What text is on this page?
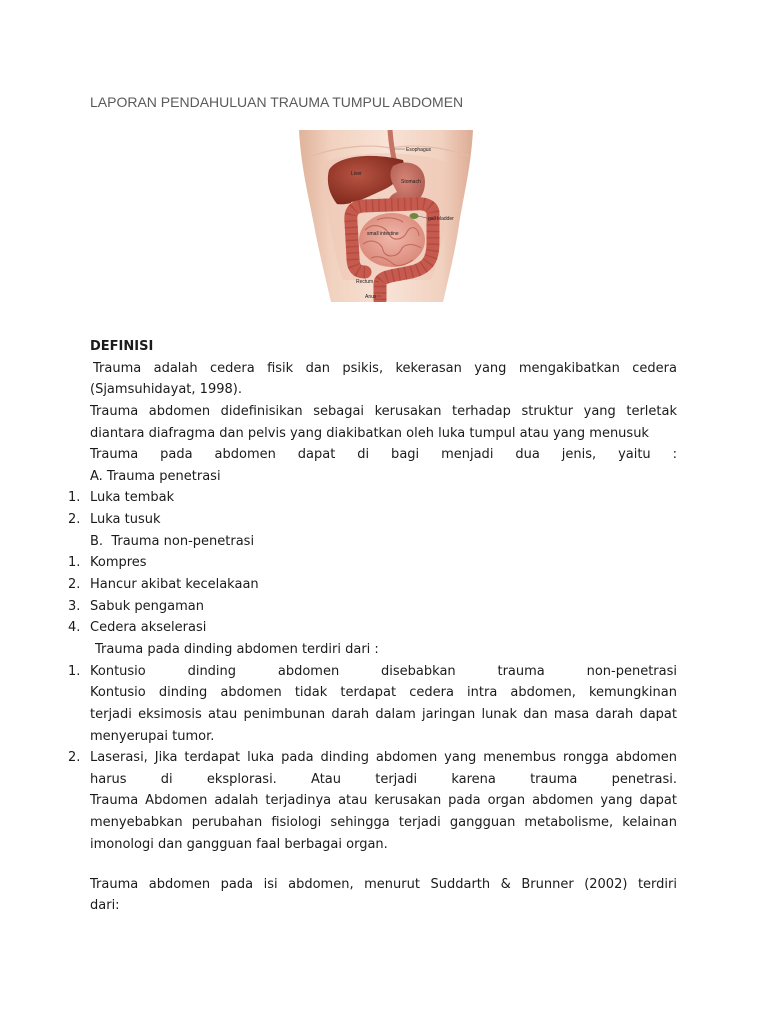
LAPORAN PENDAHULUAN TRAUMA TUMPUL ABDOMEN
Esophagus
Liver
Stomach
gall bladder
small intestine
Rectum
Anus
DEFINISI
Trauma adalah cedera fisik dan psikis, kekerasan yang mengakibatkan cedera
(Sjamsuhidayat, 1998).
Trauma abdomen didefinisikan sebagai kerusakan terhadap struktur yang terletak
diantara diafragma dan pelvis yang diakibatkan oleh luka tumpul atau yang menusuk
Trauma pada abdomen dapat di bagi menjadi dua jenis, yaitu :
A. Trauma penetrasi
1. Luka tembak
2. Luka tusuk
B.  Trauma non-penetrasi
1. Kompres
2. Hancur akibat kecelakaan
3. Sabuk pengaman
4. Cedera akselerasi
Trauma pada dinding abdomen terdiri dari :
1. Kontusio dinding abdomen disebabkan trauma non-penetrasi
Kontusio dinding abdomen tidak terdapat cedera intra abdomen, kemungkinan
terjadi eksimosis atau penimbunan darah dalam jaringan lunak dan masa darah dapat
menyerupai tumor.
2. Laserasi, Jika terdapat luka pada dinding abdomen yang menembus rongga abdomen
harus di eksplorasi. Atau terjadi karena trauma penetrasi.
Trauma Abdomen adalah terjadinya atau kerusakan pada organ abdomen yang dapat
menyebabkan perubahan fisiologi sehingga terjadi gangguan metabolisme, kelainan
imonologi dan gangguan faal berbagai organ.
Trauma abdomen pada isi abdomen, menurut Suddarth & Brunner (2002) terdiri
dari:
